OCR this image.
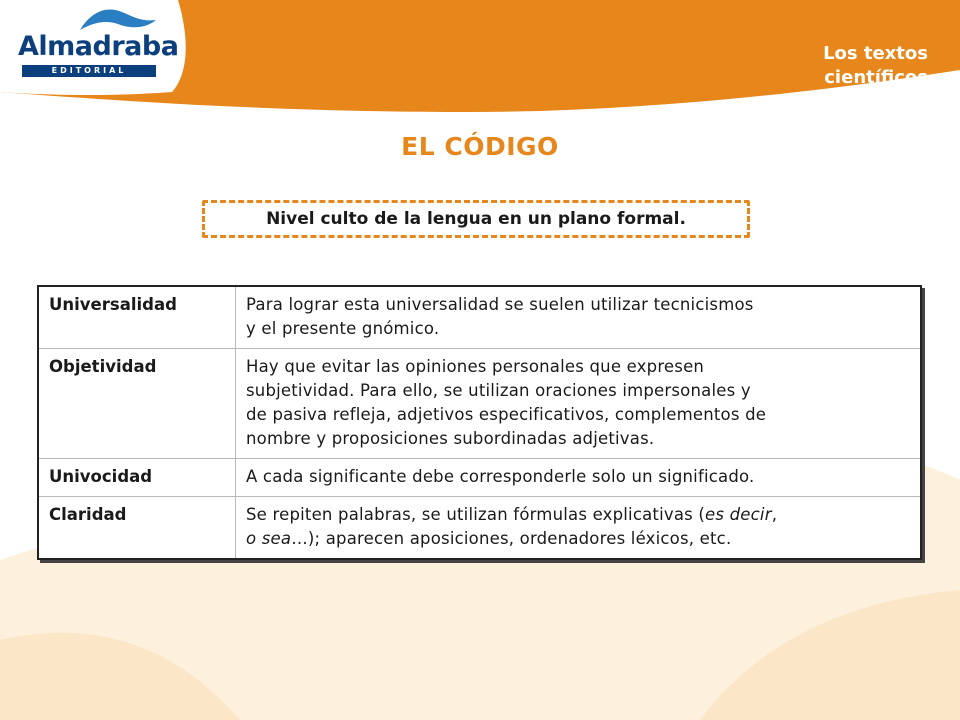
Almadraba
EDITORIAL
Los textos
científicos
EL CÓDIGO
Nivel culto de la lengua en un plano formal.
Universalidad	Para lograr esta universalidad se suelen utilizar tecnicismos
y el presente gnómico.
Objetividad	Hay que evitar las opiniones personales que expresen
subjetividad. Para ello, se utilizan oraciones impersonales y
de pasiva refleja, adjetivos especificativos, complementos de
nombre y proposiciones subordinadas adjetivas.
Univocidad	A cada significante debe corresponderle solo un significado.
Claridad	Se repiten palabras, se utilizan fórmulas explicativas (es decir,
o sea…); aparecen aposiciones, ordenadores léxicos, etc.
